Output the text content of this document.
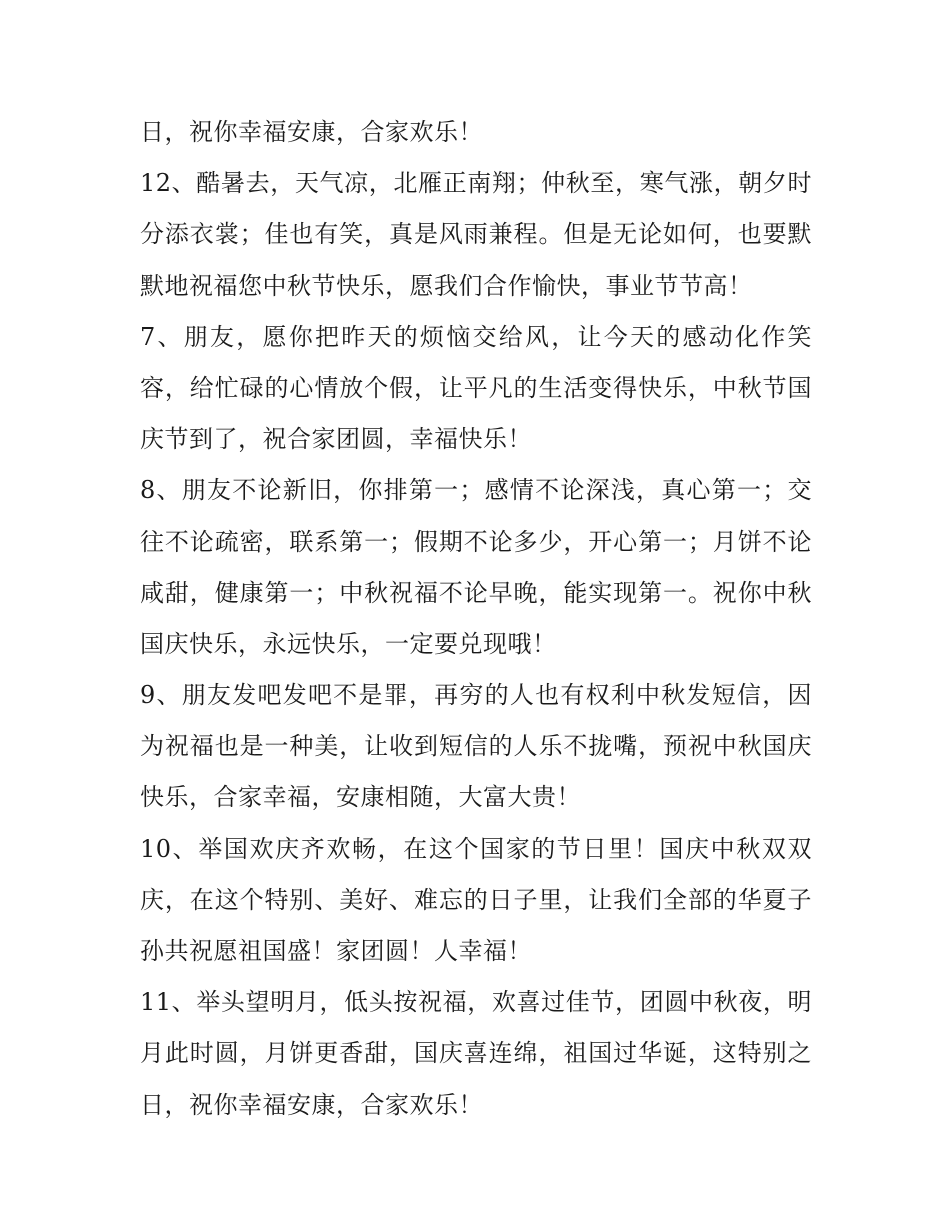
日，祝你幸福安康，合家欢乐！
12、酷暑去，天气凉，北雁正南翔；仲秋至，寒气涨，朝夕时
分添衣裳；佳也有笑，真是风雨兼程。但是无论如何，也要默
默地祝福您中秋节快乐，愿我们合作愉快，事业节节高！
7、朋友，愿你把昨天的烦恼交给风，让今天的感动化作笑
容，给忙碌的心情放个假，让平凡的生活变得快乐，中秋节国
庆节到了，祝合家团圆，幸福快乐！
8、朋友不论新旧，你排第一；感情不论深浅，真心第一；交
往不论疏密，联系第一；假期不论多少，开心第一；月饼不论
咸甜，健康第一；中秋祝福不论早晚，能实现第一。祝你中秋
国庆快乐，永远快乐，一定要兑现哦！
9、朋友发吧发吧不是罪，再穷的人也有权利中秋发短信，因
为祝福也是一种美，让收到短信的人乐不拢嘴，预祝中秋国庆
快乐，合家幸福，安康相随，大富大贵！
10、举国欢庆齐欢畅，在这个国家的节日里！国庆中秋双双
庆，在这个特别、美好、难忘的日子里，让我们全部的华夏子
孙共祝愿祖国盛！家团圆！人幸福！
11、举头望明月，低头按祝福，欢喜过佳节，团圆中秋夜，明
月此时圆，月饼更香甜，国庆喜连绵，祖国过华诞，这特别之
日，祝你幸福安康，合家欢乐！
